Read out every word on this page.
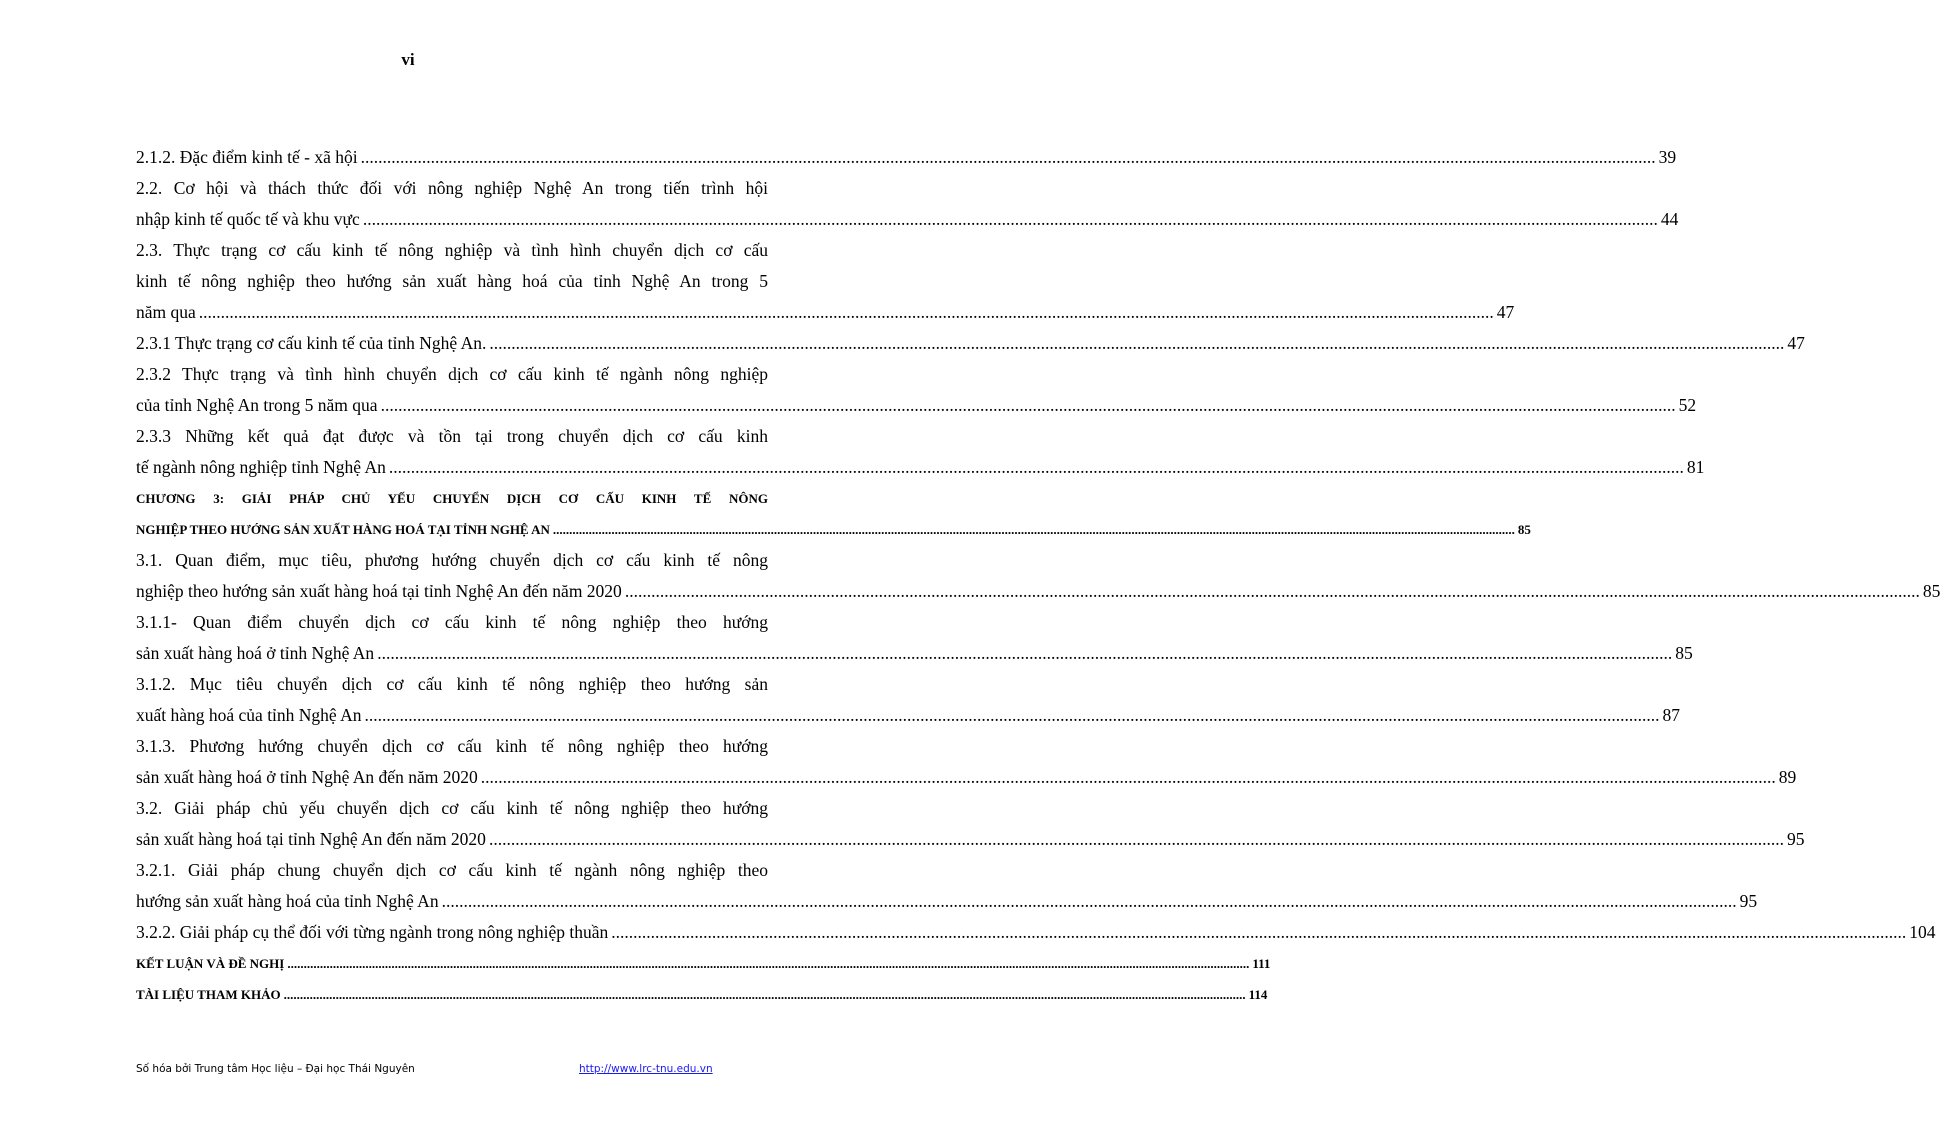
vi
2.1.2. Đặc điểm kinh tế - xã hội .....	39
2.2. Cơ hội và thách thức đối với nông nghiệp Nghệ An trong tiến trình hội
nhập kinh tế quốc tế và khu vực .....	44
2.3. Thực trạng cơ cấu kinh tế nông nghiệp và tình hình chuyển dịch cơ cấu
kinh tế nông nghiệp theo hướng sản xuất hàng hoá của tỉnh Nghệ An trong 5
năm qua .....	47
2.3.1 Thực trạng cơ cấu kinh tế của tỉnh Nghệ An. .....	47
2.3.2 Thực trạng và tình hình chuyển dịch cơ cấu kinh tế ngành nông nghiệp
của tỉnh Nghệ An trong 5 năm qua .....	52
2.3.3 Những kết quả đạt được và tồn tại trong chuyển dịch cơ cấu kinh
tế ngành nông nghiệp tỉnh Nghệ An .....	81
CHƯƠNG 3: GIẢI PHÁP CHỦ YẾU CHUYỂN DỊCH CƠ CẤU KINH TẾ NÔNG
NGHIỆP THEO HƯỚNG SẢN XUẤT HÀNG HOÁ TẠI TỈNH NGHỆ AN .....	85
3.1. Quan điểm, mục tiêu, phương hướng chuyển dịch cơ cấu kinh tế nông
nghiệp theo hướng sản xuất hàng hoá tại tỉnh Nghệ An đến năm 2020 .....	85
3.1.1- Quan điểm chuyển dịch cơ cấu kinh tế nông nghiệp theo hướng
sản xuất hàng hoá ở tỉnh Nghệ An .....	85
3.1.2. Mục tiêu chuyển dịch cơ cấu kinh tế nông nghiệp theo hướng sản
xuất hàng hoá của tỉnh Nghệ An .....	87
3.1.3. Phương hướng chuyển dịch cơ cấu kinh tế nông nghiệp theo hướng
sản xuất hàng hoá ở tỉnh Nghệ An đến năm 2020 .....	89
3.2. Giải pháp chủ yếu chuyển dịch cơ cấu kinh tế nông nghiệp theo hướng
sản xuất hàng hoá tại tỉnh Nghệ An đến năm 2020 .....	95
3.2.1. Giải pháp chung chuyển dịch cơ cấu kinh tế ngành nông nghiệp theo
hướng sản xuất hàng hoá của tỉnh Nghệ An .....	95
3.2.2. Giải pháp cụ thể đối với từng ngành trong nông nghiệp thuần .....	104
KẾT LUẬN VÀ ĐỀ NGHỊ .....	111
TÀI LIỆU THAM KHẢO .....	114
Số hóa bởi Trung tâm Học liệu – Đại học Thái Nguyên	http://www.lrc-tnu.edu.vn
